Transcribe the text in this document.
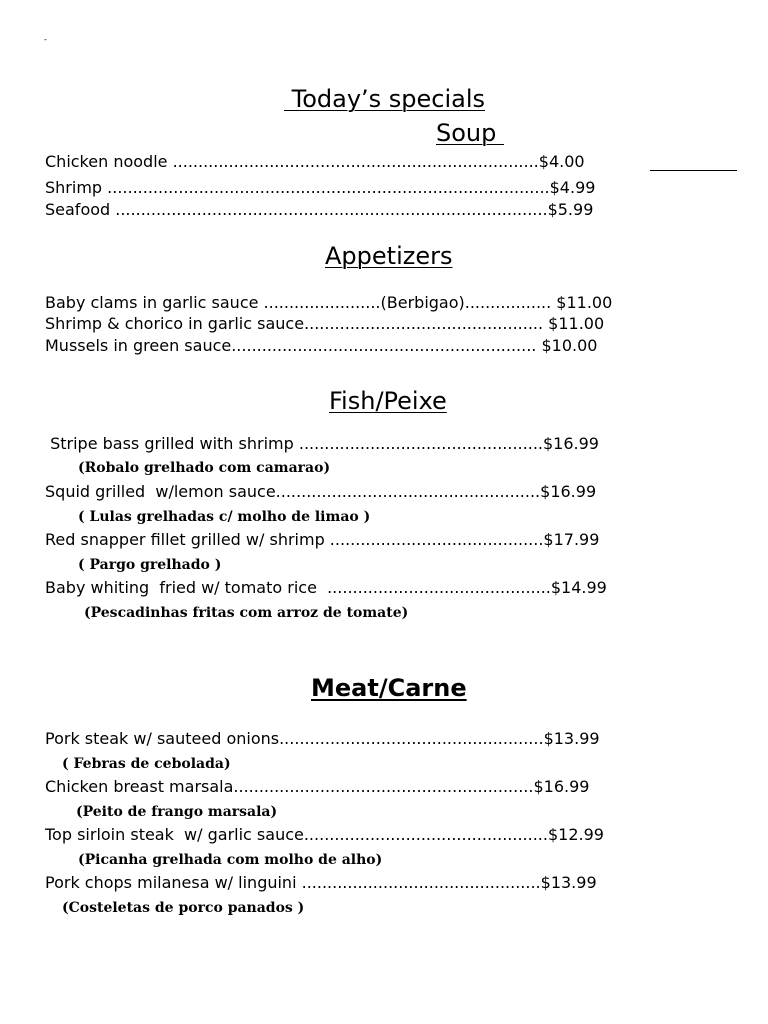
-
Today’s specials
Soup
Chicken noodle ........................................................................$4.00
Shrimp .......................................................................................$4.99
Seafood .....................................................................................$5.99
Appetizers
Baby clams in garlic sauce .......................(Berbigao)................. $11.00
Shrimp & chorico in garlic sauce............................................... $11.00
Mussels in green sauce............................................................ $10.00
Fish/Peixe
Stripe bass grilled with shrimp ................................................$16.99
(Robalo grelhado com camarao)
Squid grilled  w/lemon sauce....................................................$16.99
( Lulas grelhadas c/ molho de limao )
Red snapper fillet grilled w/ shrimp ..........................................$17.99
( Pargo grelhado )
Baby whiting  fried w/ tomato rice  ............................................$14.99
(Pescadinhas fritas com arroz de tomate)
Meat/Carne
Pork steak w/ sauteed onions....................................................$13.99
( Febras de cebolada)
Chicken breast marsala...........................................................$16.99
(Peito de frango marsala)
Top sirloin steak  w/ garlic sauce................................................$12.99
(Picanha grelhada com molho de alho)
Pork chops milanesa w/ linguini ...............................................$13.99
(Costeletas de porco panados )
